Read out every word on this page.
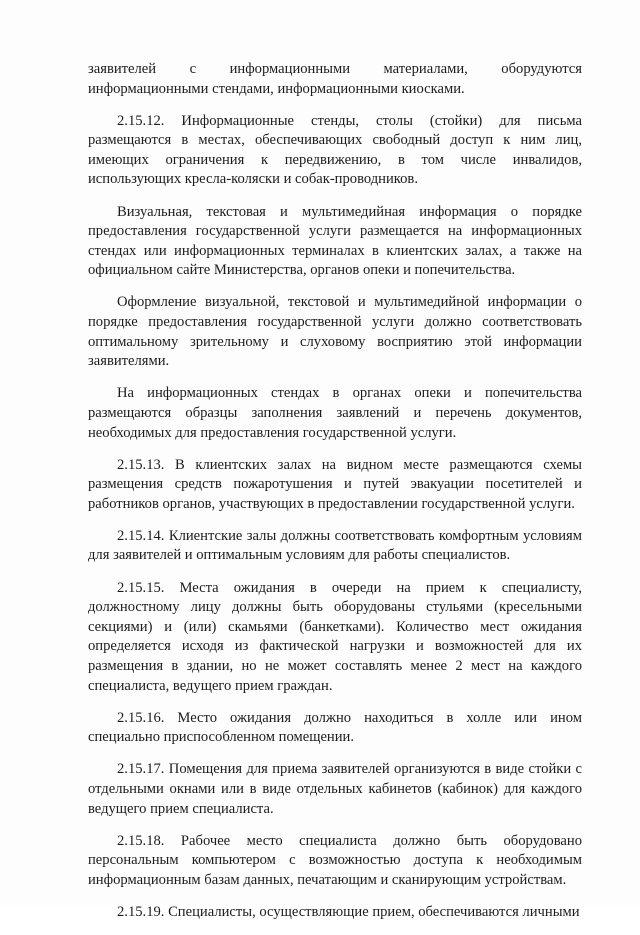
заявителей с информационными материалами, оборудуются информационными стендами, информационными киосками.

2.15.12. Информационные стенды, столы (стойки) для письма размещаются в местах, обеспечивающих свободный доступ к ним лиц, имеющих ограничения к передвижению, в том числе инвалидов, использующих кресла-коляски и собак-проводников.

Визуальная, текстовая и мультимедийная информация о порядке предоставления государственной услуги размещается на информационных стендах или информационных терминалах в клиентских залах, а также на официальном сайте Министерства, органов опеки и попечительства.

Оформление визуальной, текстовой и мультимедийной информации о порядке предоставления государственной услуги должно соответствовать оптимальному зрительному и слуховому восприятию этой информации заявителями.

На информационных стендах в органах опеки и попечительства размещаются образцы заполнения заявлений и перечень документов, необходимых для предоставления государственной услуги.

2.15.13. В клиентских залах на видном месте размещаются схемы размещения средств пожаротушения и путей эвакуации посетителей и работников органов, участвующих в предоставлении государственной услуги.

2.15.14. Клиентские залы должны соответствовать комфортным условиям для заявителей и оптимальным условиям для работы специалистов.

2.15.15. Места ожидания в очереди на прием к специалисту, должностному лицу должны быть оборудованы стульями (кресельными секциями) и (или) скамьями (банкетками). Количество мест ожидания определяется исходя из фактической нагрузки и возможностей для их размещения в здании, но не может составлять менее 2 мест на каждого специалиста, ведущего прием граждан.

2.15.16. Место ожидания должно находиться в холле или ином специально приспособленном помещении.

2.15.17. Помещения для приема заявителей организуются в виде стойки с отдельными окнами или в виде отдельных кабинетов (кабинок) для каждого ведущего прием специалиста.

2.15.18. Рабочее место специалиста должно быть оборудовано персональным компьютером с возможностью доступа к необходимым информационным базам данных, печатающим и сканирующим устройствам.

2.15.19. Специалисты, осуществляющие прием, обеспечиваются личными
